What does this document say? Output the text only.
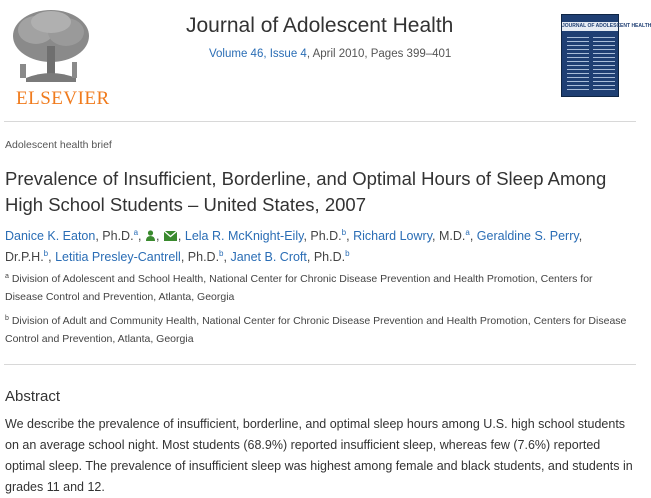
ELSEVIER
Journal of Adolescent Health
Volume 46, Issue 4, April 2010, Pages 399–401
JOURNAL OF ADOLESCENT HEALTH
Adolescent health brief
Prevalence of Insufficient, Borderline, and Optimal Hours of Sleep Among High School Students – United States, 2007
Danice K. Eaton, Ph.D.$^a$, , , Lela R. McKnight-Eily, Ph.D.$^b$, Richard Lowry, M.D.$^a$, Geraldine S. Perry, Dr.P.H.$^b$, Letitia Presley-Cantrell, Ph.D.$^b$, Janet B. Croft, Ph.D.$^b$
$^a$ Division of Adolescent and School Health, National Center for Chronic Disease Prevention and Health Promotion, Centers for Disease Control and Prevention, Atlanta, Georgia
$^b$ Division of Adult and Community Health, National Center for Chronic Disease Prevention and Health Promotion, Centers for Disease Control and Prevention, Atlanta, Georgia
Abstract

We describe the prevalence of insufficient, borderline, and optimal sleep hours among U.S. high school students on an average school night. Most students (68.9%) reported insufficient sleep, whereas few (7.6%) reported optimal sleep. The prevalence of insufficient sleep was highest among female and black students, and students in grades 11 and 12.
